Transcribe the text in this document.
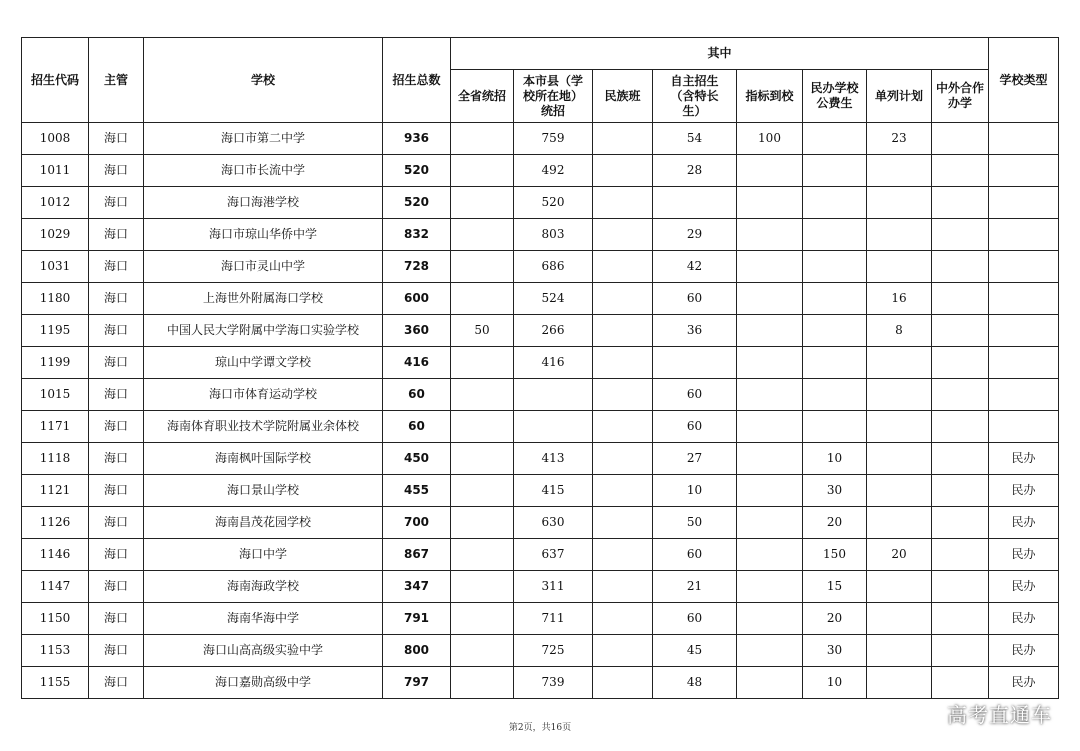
招生代码	主管	学校	招生总数	其中								学校类型
				全省统招	本市县（学校所在地）统招	民族班	自主招生（含特长生）	指标到校	民办学校公费生	单列计划	中外合作办学	
1008	海口	海口市第二中学	936		759		54	100		23		
1011	海口	海口市长流中学	520		492		28					
1012	海口	海口海港学校	520		520							
1029	海口	海口市琼山华侨中学	832		803		29					
1031	海口	海口市灵山中学	728		686		42					
1180	海口	上海世外附属海口学校	600		524		60			16		
1195	海口	中国人民大学附属中学海口实验学校	360	50	266		36			8		
1199	海口	琼山中学谭文学校	416		416							
1015	海口	海口市体育运动学校	60				60					
1171	海口	海南体育职业技术学院附属业余体校	60				60					
1118	海口	海南枫叶国际学校	450		413		27		10			民办
1121	海口	海口景山学校	455		415		10		30			民办
1126	海口	海南昌茂花园学校	700		630		50		20			民办
1146	海口	海口中学	867		637		60		150	20		民办
1147	海口	海南海政学校	347		311		21		15			民办
1150	海口	海南华海中学	791		711		60		20			民办
1153	海口	海口山高高级实验中学	800		725		45		30			民办
1155	海口	海口嘉勋高级中学	797		739		48		10			民办
第2页，共16页
高考直通车
